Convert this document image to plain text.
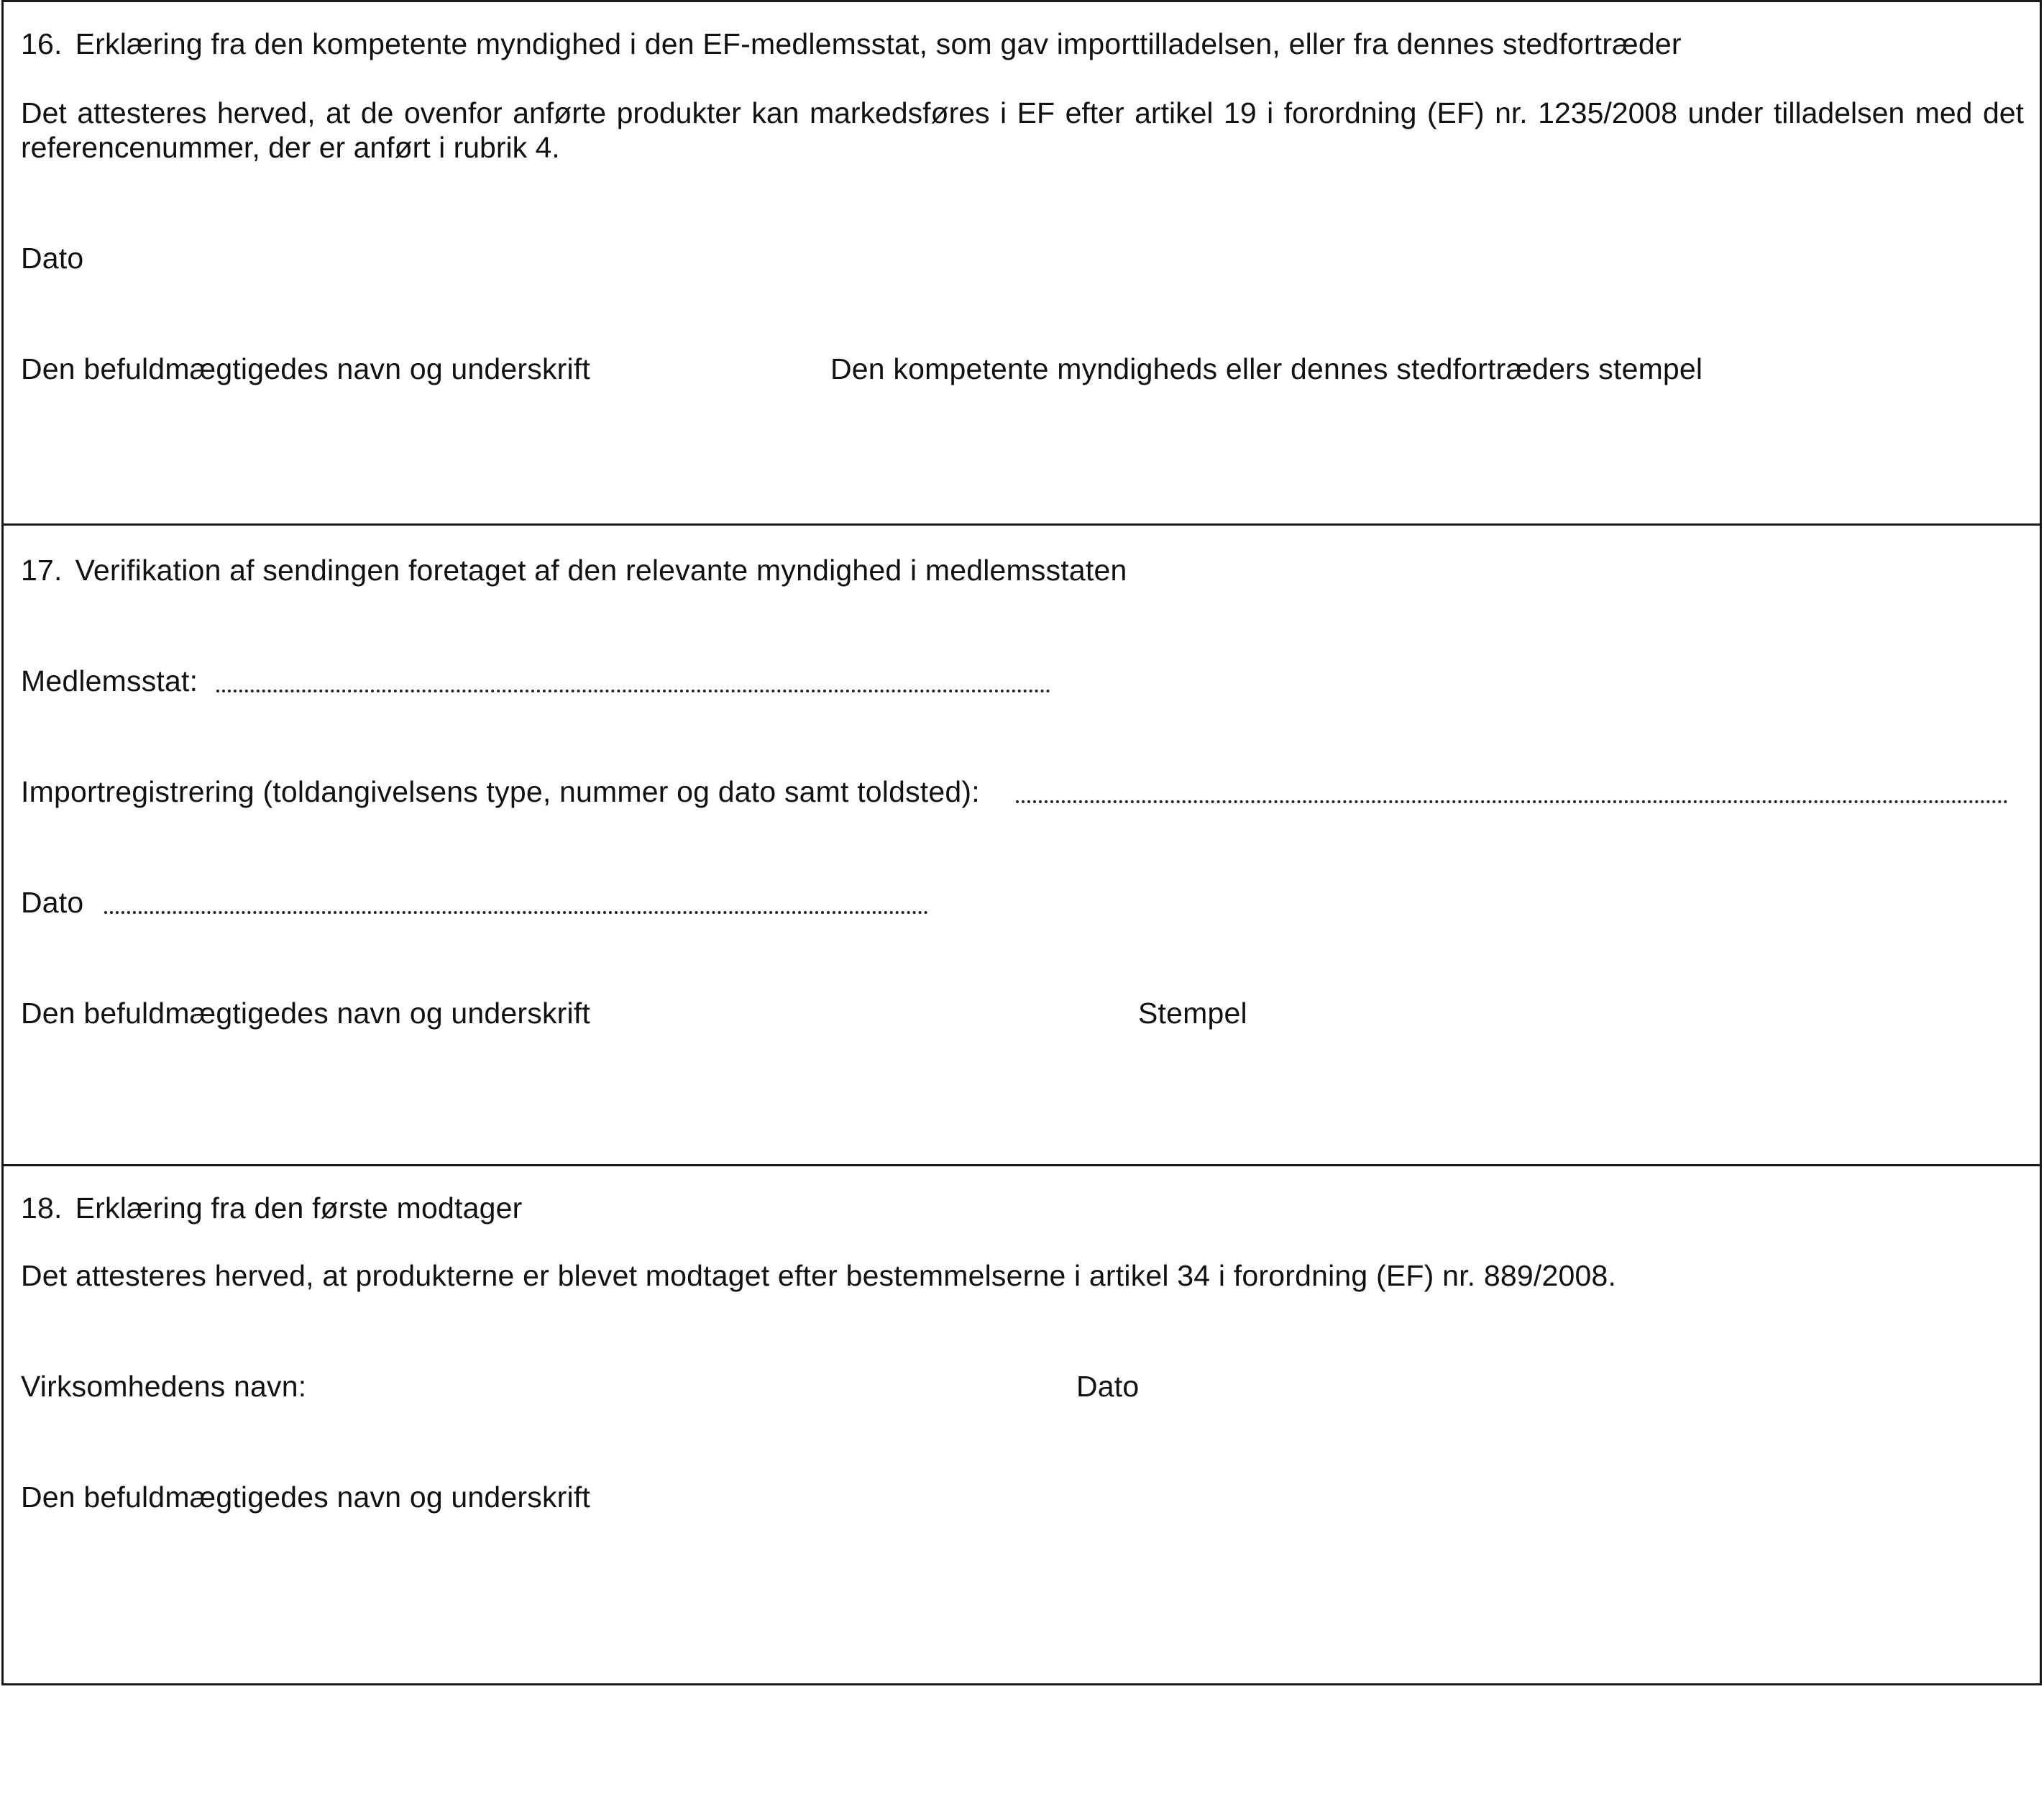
16. Erklæring fra den kompetente myndighed i den EF-medlemsstat, som gav importtilladelsen, eller fra dennes stedfortræder
Det attesteres herved, at de ovenfor anførte produkter kan markedsføres i EF efter artikel 19 i forordning (EF) nr. 1235/2008 under tilladelsen med det referencenummer, der er anført i rubrik 4.
Dato
Den befuldmægtigedes navn og underskrift	Den kompetente myndigheds eller dennes stedfortræders stempel
17. Verifikation af sendingen foretaget af den relevante myndighed i medlemsstaten
Medlemsstat:
Importregistrering (toldangivelsens type, nummer og dato samt toldsted):
Dato
Den befuldmægtigedes navn og underskrift	Stempel
18. Erklæring fra den første modtager
Det attesteres herved, at produkterne er blevet modtaget efter bestemmelserne i artikel 34 i forordning (EF) nr. 889/2008.
Virksomhedens navn:	Dato
Den befuldmægtigedes navn og underskrift
